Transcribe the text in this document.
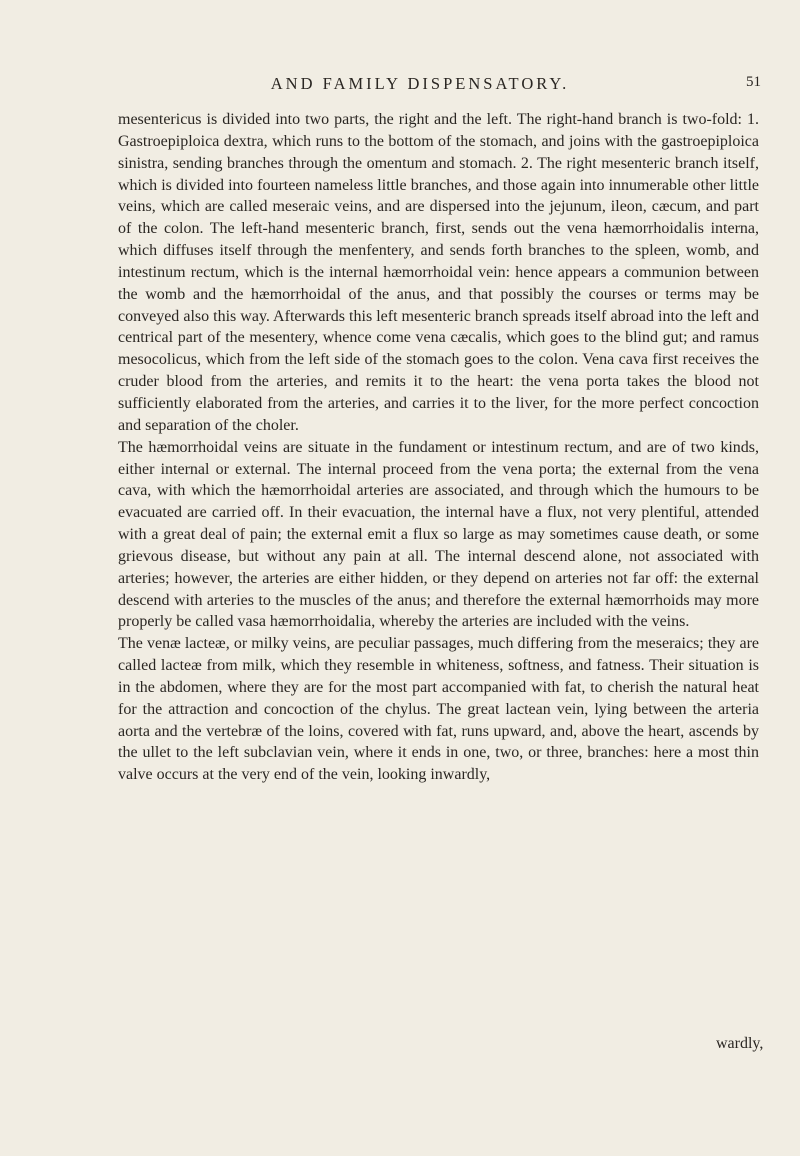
AND FAMILY DISPENSATORY.	51

mesentericus is divided into two parts, the right and the left. The right-hand branch is two-fold: 1. Gastroepiploica dextra, which runs to the bottom of the stomach, and joins with the gastroepiploica sinistra, sending branches through the omentum and stomach. 2. The right mesenteric branch itself, which is divided into fourteen nameless little branches, and those again into innumerable other little veins, which are called meseraic veins, and are dispersed into the jejunum, ileon, cæcum, and part of the colon. The left-hand mesenteric branch, first, sends out the vena hæmorrhoidalis interna, which diffuses itself through the menfentery, and sends forth branches to the spleen, womb, and intestinum rectum, which is the internal hæmorrhoidal vein: hence appears a communion between the womb and the hæmorrhoidal of the anus, and that possibly the courses or terms may be conveyed also this way. Afterwards this left mesenteric branch spreads itself abroad into the left and centrical part of the mesentery, whence come vena cæcalis, which goes to the blind gut; and ramus mesocolicus, which from the left side of the stomach goes to the colon. Vena cava first receives the cruder blood from the arteries, and remits it to the heart: the vena porta takes the blood not sufficiently elaborated from the arteries, and carries it to the liver, for the more perfect concoction and separation of the choler.

The hæmorrhoidal veins are situate in the fundament or intestinum rectum, and are of two kinds, either internal or external. The internal proceed from the vena porta; the external from the vena cava, with which the hæmorrhoidal arteries are associated, and through which the humours to be evacuated are carried off. In their evacuation, the internal have a flux, not very plentiful, attended with a great deal of pain; the external emit a flux so large as may sometimes cause death, or some grievous disease, but without any pain at all. The internal descend alone, not associated with arteries; however, the arteries are either hidden, or they depend on arteries not far off: the external descend with arteries to the muscles of the anus; and therefore the external hæmorrhoids may more properly be called vasa hæmorrhoidalia, whereby the arteries are included with the veins.

The venæ lacteæ, or milky veins, are peculiar passages, much differing from the meseraics; they are called lacteæ from milk, which they resemble in whiteness, softness, and fatness. Their situation is in the abdomen, where they are for the most part accompanied with fat, to cherish the natural heat for the attraction and concoction of the chylus. The great lactean vein, lying between the arteria aorta and the vertebræ of the loins, covered with fat, runs upward, and, above the heart, ascends by the ullet to the left subclavian vein, where it ends in one, two, or three, branches: here a most thin valve occurs at the very end of the vein, looking inwardly,

wardly,
